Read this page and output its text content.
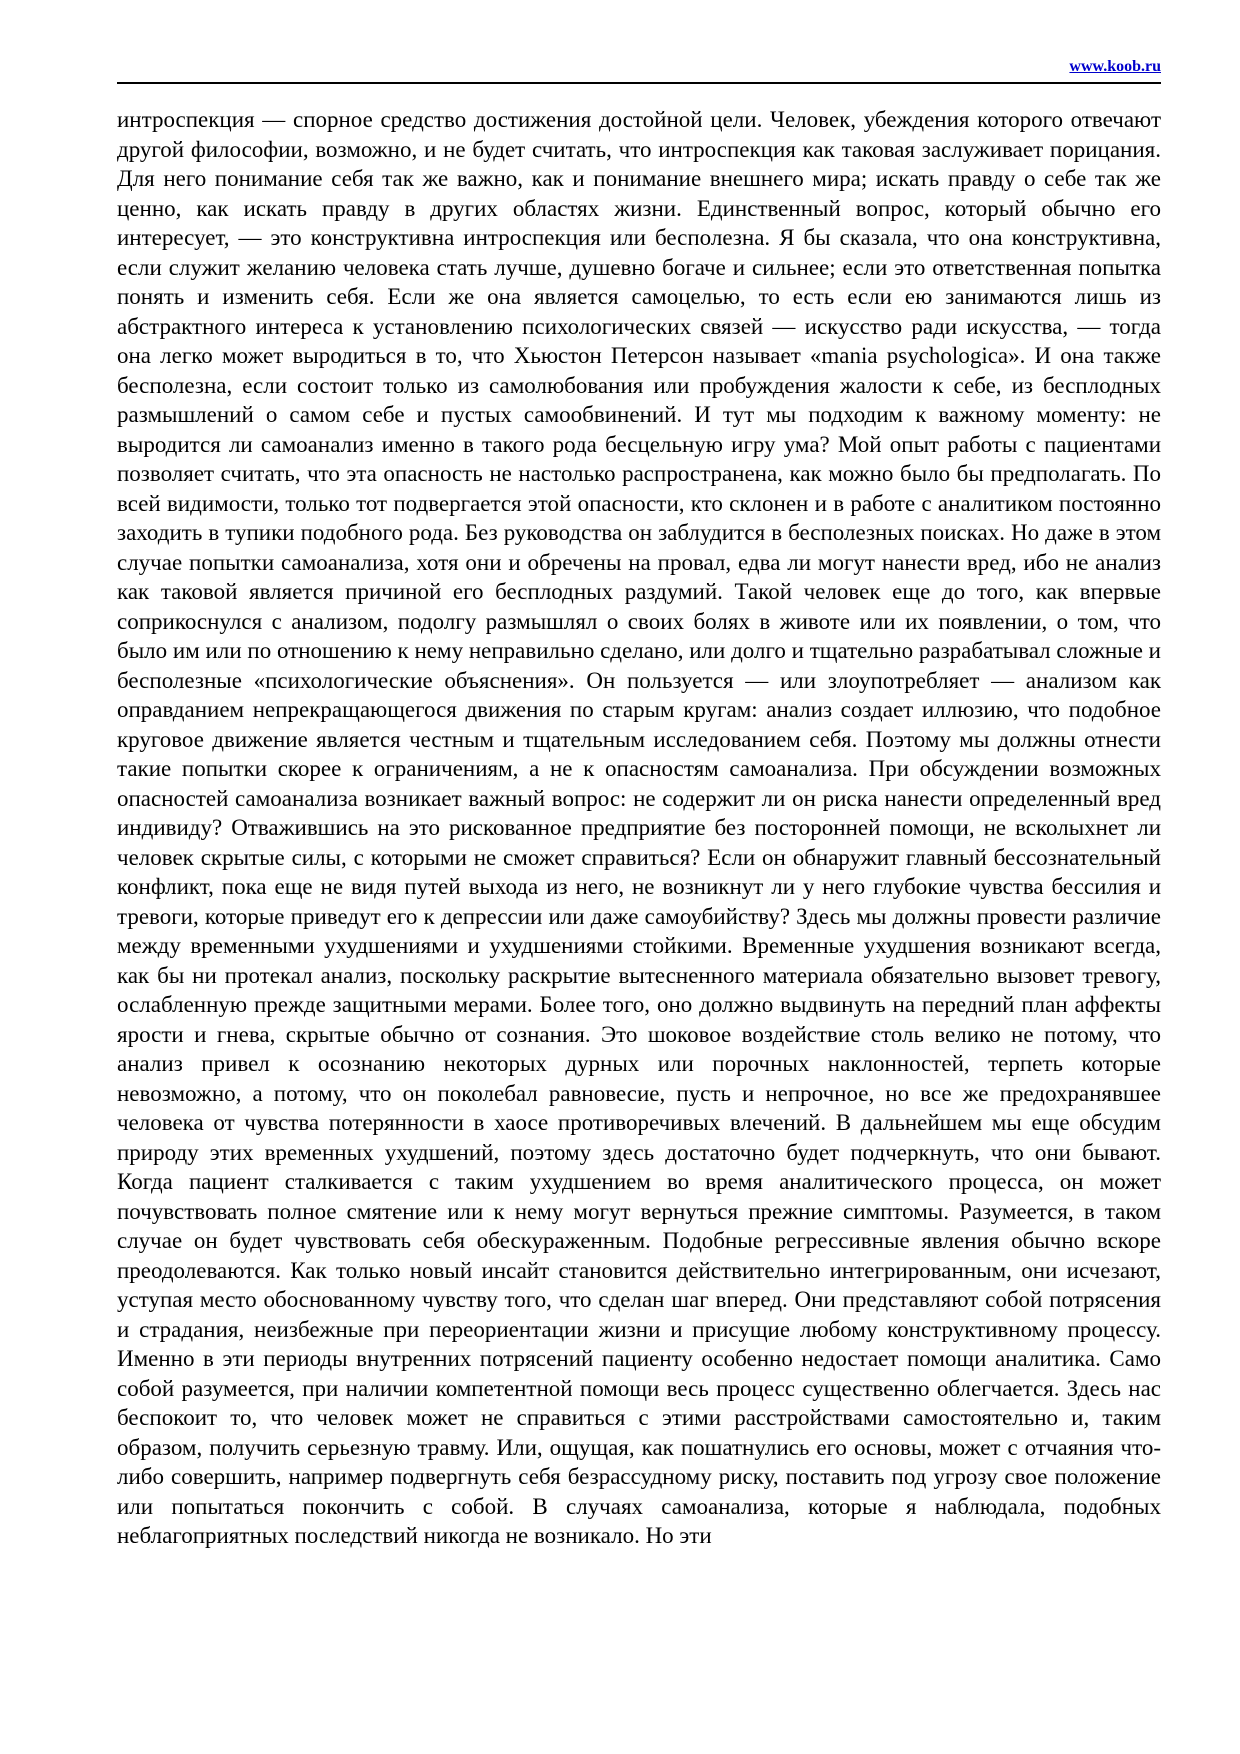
www.koob.ru

интроспекция — спорное средство достижения достойной цели. Человек, убеждения которого отвечают другой философии, возможно, и не будет считать, что интроспекция как таковая заслуживает порицания. Для него понимание себя так же важно, как и понимание внешнего мира; искать правду о себе так же ценно, как искать правду в других областях жизни. Единственный вопрос, который обычно его интересует, — это конструктивна интроспекция или бесполезна. Я бы сказала, что она конструктивна, если служит желанию человека стать лучше, душевно богаче и сильнее; если это ответственная попытка понять и изменить себя. Если же она является самоцелью, то есть если ею занимаются лишь из абстрактного интереса к установлению психологических связей — искусство ради искусства, — тогда она легко может выродиться в то, что Хьюстон Петерсон называет «mania psychologica». И она также бесполезна, если состоит только из самолюбования или пробуждения жалости к себе, из бесплодных размышлений о самом себе и пустых самообвинений. И тут мы подходим к важному моменту: не выродится ли самоанализ именно в такого рода бесцельную игру ума? Мой опыт работы с пациентами позволяет считать, что эта опасность не настолько распространена, как можно было бы предполагать. По всей видимости, только тот подвергается этой опасности, кто склонен и в работе с аналитиком постоянно заходить в тупики подобного рода. Без руководства он заблудится в бесполезных поисках. Но даже в этом случае попытки самоанализа, хотя они и обречены на провал, едва ли могут нанести вред, ибо не анализ как таковой является причиной его бесплодных раздумий. Такой человек еще до того, как впервые соприкоснулся с анализом, подолгу размышлял о своих болях в животе или их появлении, о том, что было им или по отношению к нему неправильно сделано, или долго и тщательно разрабатывал сложные и бесполезные «психологические объяснения». Он пользуется — или злоупотребляет — анализом как оправданием непрекращающегося движения по старым кругам: анализ создает иллюзию, что подобное круговое движение является честным и тщательным исследованием себя. Поэтому мы должны отнести такие попытки скорее к ограничениям, а не к опасностям самоанализа. При обсуждении возможных опасностей самоанализа возникает важный вопрос: не содержит ли он риска нанести определенный вред индивиду? Отважившись на это рискованное предприятие без посторонней помощи, не всколыхнет ли человек скрытые силы, с которыми не сможет справиться? Если он обнаружит главный бессознательный конфликт, пока еще не видя путей выхода из него, не возникнут ли у него глубокие чувства бессилия и тревоги, которые приведут его к депрессии или даже самоубийству? Здесь мы должны провести различие между временными ухудшениями и ухудшениями стойкими. Временные ухудшения возникают всегда, как бы ни протекал анализ, поскольку раскрытие вытесненного материала обязательно вызовет тревогу, ослабленную прежде защитными мерами. Более того, оно должно выдвинуть на передний план аффекты ярости и гнева, скрытые обычно от сознания. Это шоковое воздействие столь велико не потому, что анализ привел к осознанию некоторых дурных или порочных наклонностей, терпеть которые невозможно, а потому, что он поколебал равновесие, пусть и непрочное, но все же предохранявшее человека от чувства потерянности в хаосе противоречивых влечений. В дальнейшем мы еще обсудим природу этих временных ухудшений, поэтому здесь достаточно будет подчеркнуть, что они бывают. Когда пациент сталкивается с таким ухудшением во время аналитического процесса, он может почувствовать полное смятение или к нему могут вернуться прежние симптомы. Разумеется, в таком случае он будет чувствовать себя обескураженным. Подобные регрессивные явления обычно вскоре преодолеваются. Как только новый инсайт становится действительно интегрированным, они исчезают, уступая место обоснованному чувству того, что сделан шаг вперед. Они представляют собой потрясения и страдания, неизбежные при переориентации жизни и присущие любому конструктивному процессу. Именно в эти периоды внутренних потрясений пациенту особенно недостает помощи аналитика. Само собой разумеется, при наличии компетентной помощи весь процесс существенно облегчается. Здесь нас беспокоит то, что человек может не справиться с этими расстройствами самостоятельно и, таким образом, получить серьезную травму. Или, ощущая, как пошатнулись его основы, может с отчаяния что-либо совершить, например подвергнуть себя безрассудному риску, поставить под угрозу свое положение или попытаться покончить с собой. В случаях самоанализа, которые я наблюдала, подобных неблагоприятных последствий никогда не возникало. Но эти
